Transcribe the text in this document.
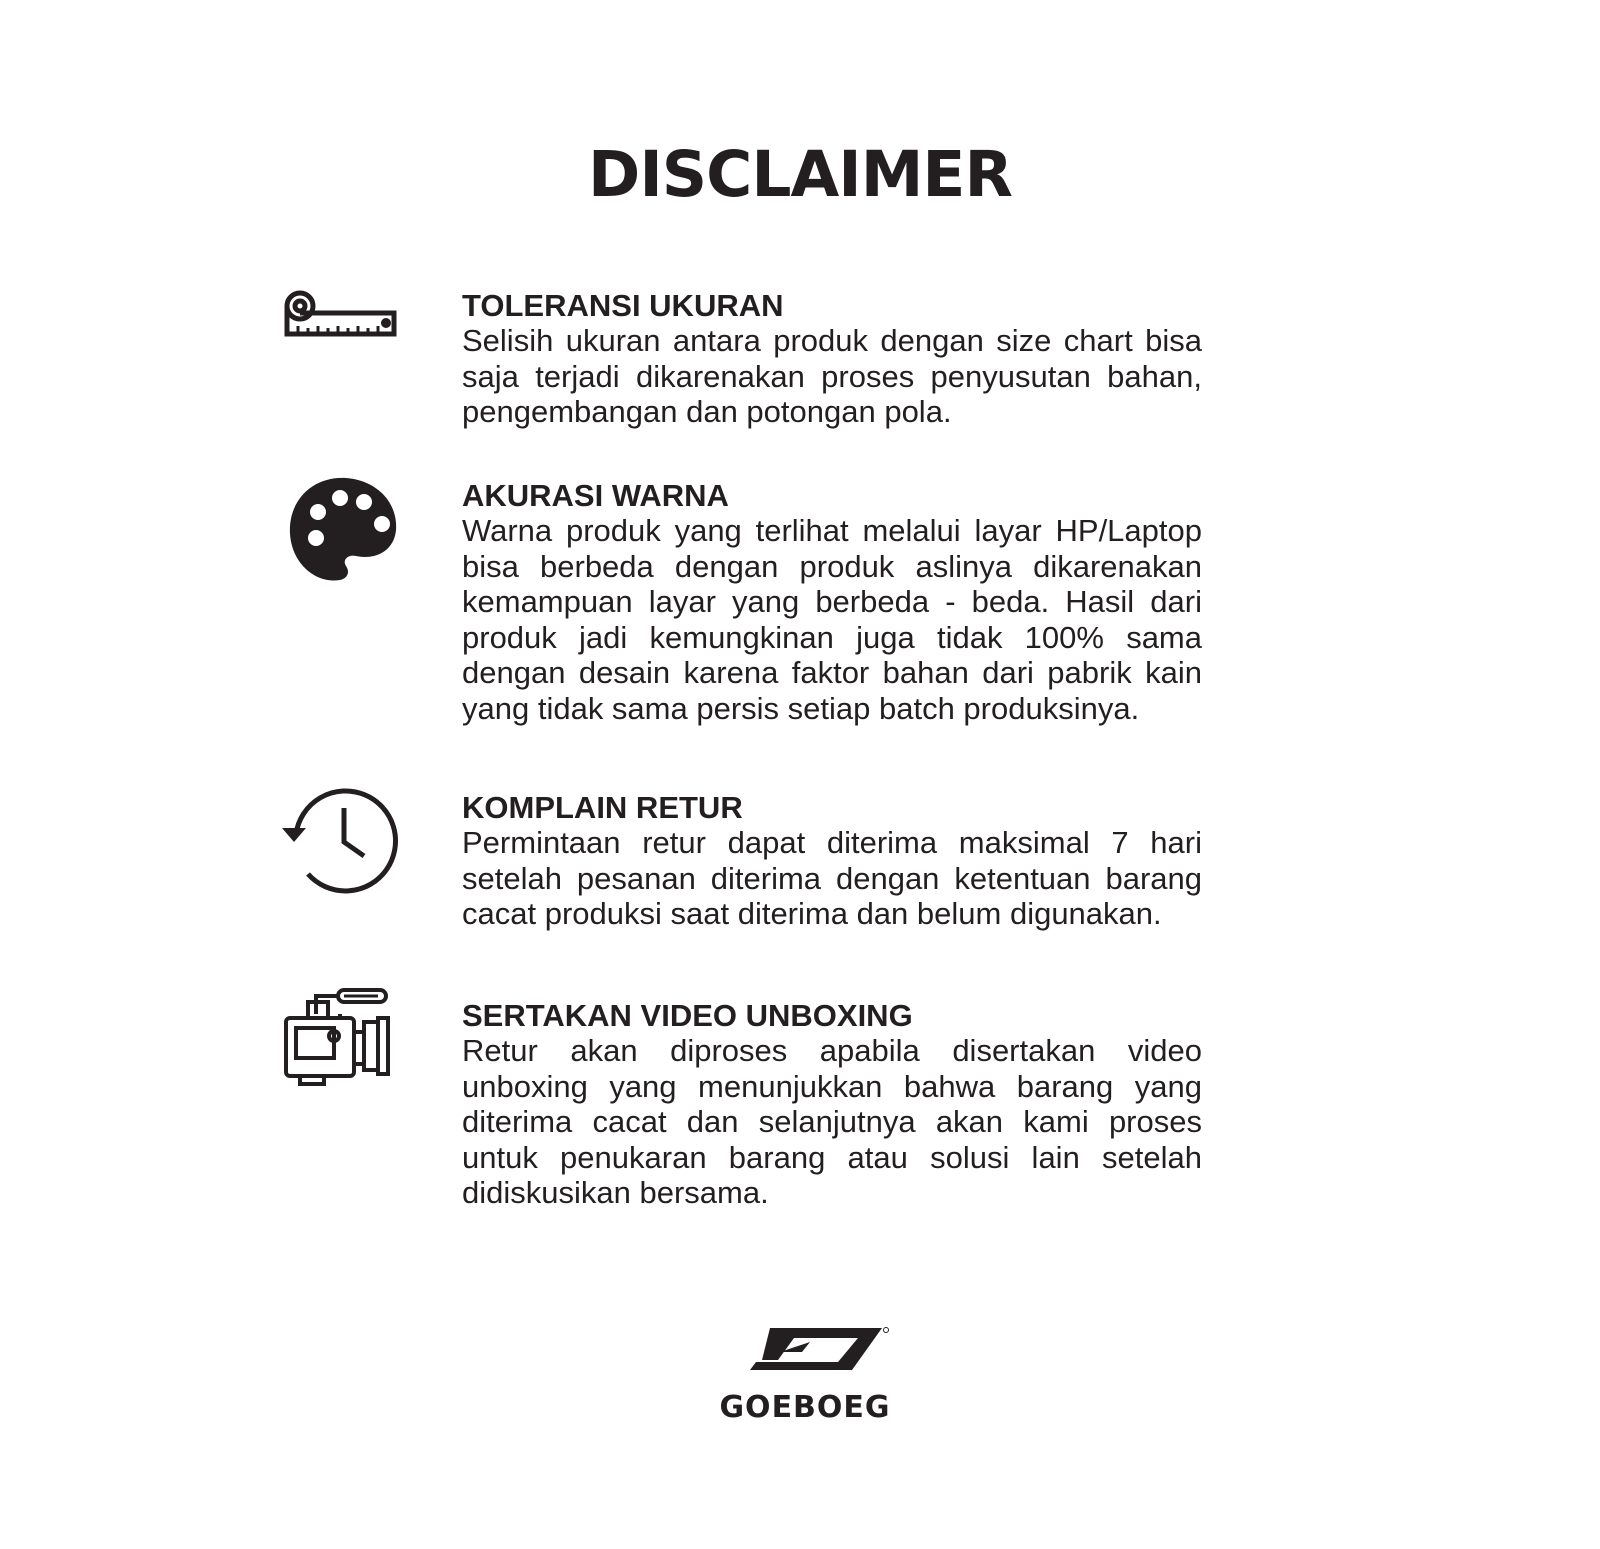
DISCLAIMER

TOLERANSI UKURAN

Selisih ukuran antara produk dengan size chart bisa saja terjadi dikarenakan proses penyusutan bahan, pengembangan dan potongan pola.

AKURASI WARNA

Warna produk yang terlihat melalui layar HP/Laptop bisa berbeda dengan produk aslinya dikarenakan kemampuan layar yang berbeda - beda. Hasil dari produk jadi kemungkinan juga tidak 100% sama dengan desain karena faktor bahan dari pabrik kain yang tidak sama persis setiap batch produksinya.

KOMPLAIN RETUR

Permintaan retur dapat diterima maksimal 7 hari setelah pesanan diterima dengan ketentuan barang cacat produksi saat diterima dan belum digunakan.

SERTAKAN VIDEO UNBOXING

Retur akan diproses apabila disertakan video unboxing yang menunjukkan bahwa barang yang diterima cacat dan selanjutnya akan kami proses untuk penukaran barang atau solusi lain setelah didiskusikan bersama.

GOEBOEG
